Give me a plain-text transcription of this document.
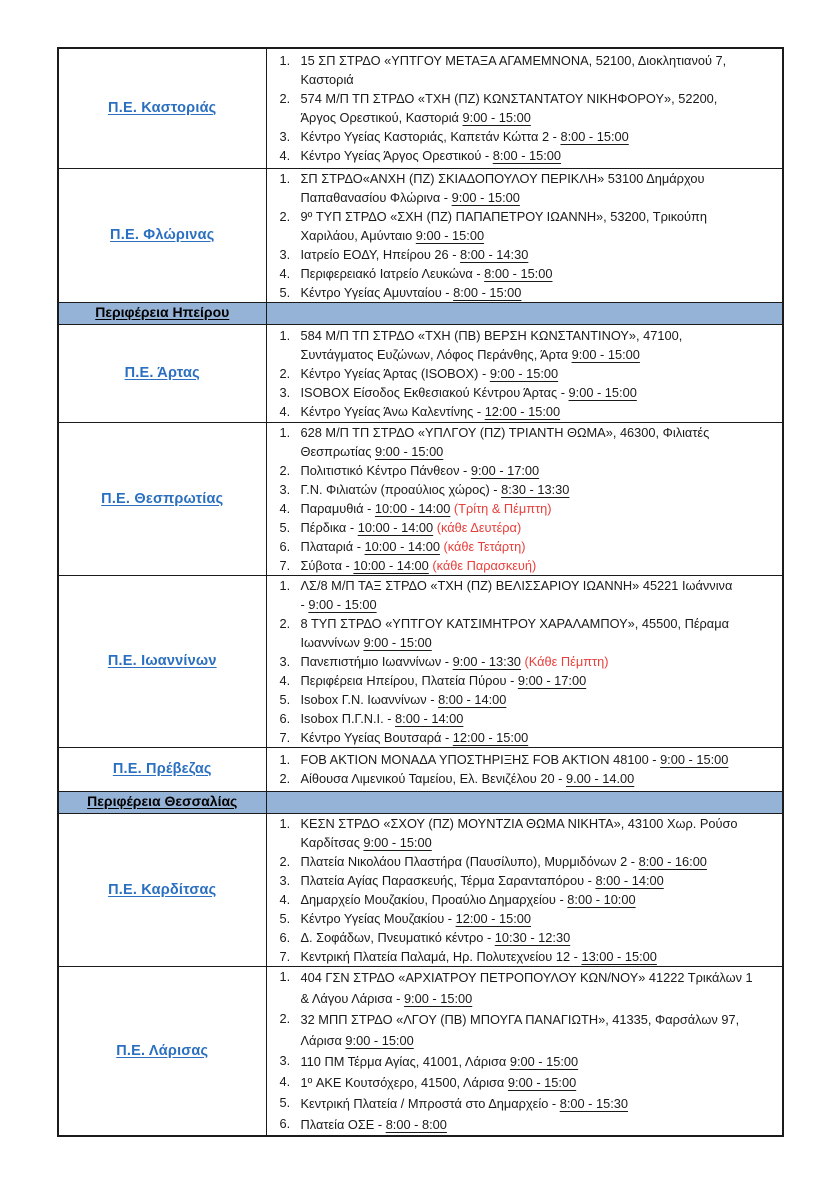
Π.Ε. Καστοριάς	
1. 15 ΣΠ ΣΤΡΔΟ «ΥΠΤΓΟΥ ΜΕΤΑΞΑ ΑΓΑΜΕΜΝΟΝΑ, 52100, Διοκλητιανού 7,
Καστοριά
2. 574 Μ/Π ΤΠ ΣΤΡΔΟ «ΤΧΗ (ΠΖ) ΚΩΝΣΤΑΝΤΑΤΟΥ ΝΙΚΗΦΟΡΟΥ», 52200,
Άργος Ορεστικού, Καστοριά 9:00 - 15:00
3. Κέντρο Υγείας Καστοριάς, Καπετάν Κώττα 2 - 8:00 - 15:00
4. Κέντρο Υγείας Άργος Ορεστικού - 8:00 - 15:00

Π.Ε. Φλώρινας	
1. ΣΠ ΣΤΡΔΟ«ΑΝΧΗ (ΠΖ) ΣΚΙΑΔΟΠΟΥΛΟΥ ΠΕΡΙΚΛΗ» 53100 Δημάρχου
Παπαθανασίου Φλώρινα - 9:00 - 15:00
2. 9º ΤΥΠ ΣΤΡΔΟ «ΣΧΗ (ΠΖ) ΠΑΠΑΠΕΤΡΟΥ ΙΩΑΝΝΗ», 53200, Τρικούπη
Χαριλάου, Αμύνταιο 9:00 - 15:00
3. Ιατρείο ΕΟΔΥ, Ηπείρου 26 - 8:00 - 14:30
4. Περιφερειακό Ιατρείο Λευκώνα - 8:00 - 15:00
5. Κέντρο Υγείας Αμυνταίου - 8:00 - 15:00

Περιφέρεια Ηπείρου	
Π.Ε. Άρτας	
1. 584 Μ/Π ΤΠ ΣΤΡΔΟ «ΤΧΗ (ΠΒ) ΒΕΡΣΗ ΚΩΝΣΤΑΝΤΙΝΟΥ», 47100,
Συντάγματος Ευζώνων, Λόφος Περάνθης, Άρτα 9:00 - 15:00
2. Κέντρο Υγείας Άρτας (ISOBOX) - 9:00 - 15:00
3. ISOBOX Είσοδος Εκθεσιακού Κέντρου Άρτας - 9:00 - 15:00
4. Κέντρο Υγείας Άνω Καλεντίνης - 12:00 - 15:00

Π.Ε. Θεσπρωτίας	
1. 628 Μ/Π ΤΠ ΣΤΡΔΟ «ΥΠΛΓΟΥ (ΠΖ) ΤΡΙΑΝΤΗ ΘΩΜΑ», 46300, Φιλιατές
Θεσπρωτίας 9:00 - 15:00
2. Πολιτιστικό Κέντρο Πάνθεον - 9:00 - 17:00
3. Γ.Ν. Φιλιατών (προαύλιος χώρος) - 8:30 - 13:30
4. Παραμυθιά - 10:00 - 14:00 (Τρίτη & Πέμπτη)
5. Πέρδικα - 10:00 - 14:00 (κάθε Δευτέρα)
6. Πλαταριά - 10:00 - 14:00 (κάθε Τετάρτη)
7. Σύβοτα - 10:00 - 14:00 (κάθε Παρασκευή)

Π.Ε. Ιωαννίνων	
1. ΛΣ/8 Μ/Π ΤΑΞ ΣΤΡΔΟ «ΤΧΗ (ΠΖ) ΒΕΛΙΣΣΑΡΙΟΥ ΙΩΑΝΝΗ» 45221 Ιωάννινα
- 9:00 - 15:00
2. 8 ΤΥΠ ΣΤΡΔΟ «ΥΠΤΓΟΥ ΚΑΤΣΙΜΗΤΡΟΥ ΧΑΡΑΛΑΜΠΟΥ», 45500, Πέραμα
Ιωαννίνων 9:00 - 15:00
3. Πανεπιστήμιο Ιωαννίνων - 9:00 - 13:30 (Κάθε Πέμπτη)
4. Περιφέρεια Ηπείρου, Πλατεία Πύρου - 9:00 - 17:00
5. Isobox Γ.Ν. Ιωαννίνων - 8:00 - 14:00
6. Isobox Π.Γ.Ν.Ι. - 8:00 - 14:00
7. Κέντρο Υγείας Βουτσαρά - 12:00 - 15:00

Π.Ε. Πρέβεζας	1. FOB AKTION ΜΟΝΑΔΑ ΥΠΟΣΤΗΡΙΞΗΣ FOB AKTION 48100 - 9:00 - 15:00
2. Αίθουσα Λιμενικού Ταμείου, Ελ. Βενιζέλου 20 - 9.00 - 14.00

Περιφέρεια Θεσσαλίας	
Π.Ε. Καρδίτσας	
1. ΚΕΣΝ ΣΤΡΔΟ «ΣΧΟΥ (ΠΖ) ΜΟΥΝΤΖΙΑ ΘΩΜΑ ΝΙΚΗΤΑ», 43100 Χωρ. Ρούσο
Καρδίτσας 9:00 - 15:00
2. Πλατεία Νικολάου Πλαστήρα (Παυσίλυπο), Μυρμιδόνων 2 - 8:00 - 16:00
3. Πλατεία Αγίας Παρασκευής, Τέρμα Σαρανταπόρου - 8:00 - 14:00
4. Δημαρχείο Μουζακίου, Προαύλιο Δημαρχείου - 8:00 - 10:00
5. Κέντρο Υγείας Μουζακίου - 12:00 - 15:00
6. Δ. Σοφάδων, Πνευματικό κέντρο - 10:30 - 12:30
7. Κεντρική Πλατεία Παλαμά, Ηρ. Πολυτεχνείου 12 - 13:00 - 15:00

Π.Ε. Λάρισας	
1. 404 ΓΣΝ ΣΤΡΔΟ «ΑΡΧΙΑΤΡΟΥ ΠΕΤΡΟΠΟΥΛΟΥ ΚΩΝ/ΝΟΥ» 41222 Τρικάλων 1
& Λάγου Λάρισα - 9:00 - 15:00
2. 32 ΜΠΠ ΣΤΡΔΟ «ΛΓΟΥ (ΠΒ) ΜΠΟΥΓΑ ΠΑΝΑΓΙΩΤΗ», 41335, Φαρσάλων 97,
Λάρισα 9:00 - 15:00
3. 110 ΠΜ Τέρμα Αγίας, 41001, Λάρισα 9:00 - 15:00
4. 1º ΑΚΕ Κουτσόχερο, 41500, Λάρισα 9:00 - 15:00
5. Κεντρική Πλατεία / Μπροστά στο Δημαρχείο - 8:00 - 15:30
6. Πλατεία ΟΣΕ - 8:00 - 8:00
